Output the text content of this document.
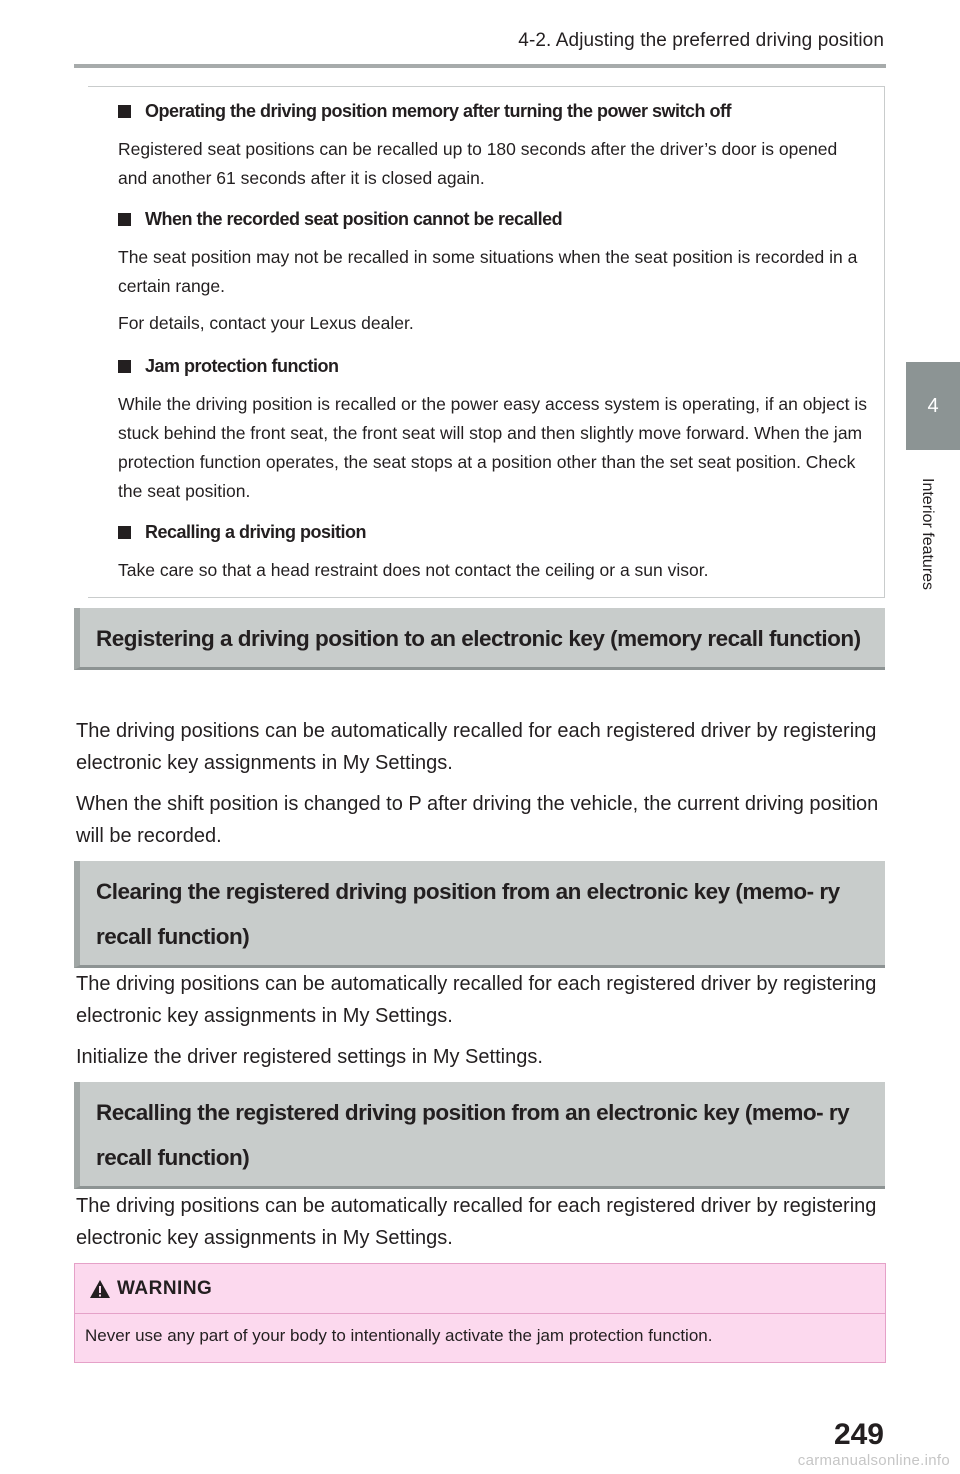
4-2. Adjusting the preferred driving position
4
Interior features
Operating the driving position memory after turning the power switch off

Registered seat positions can be recalled up to 180 seconds after the driver’s door is opened and another 61 seconds after it is closed again.

When the recorded seat position cannot be recalled

The seat position may not be recalled in some situations when the seat position is recorded in a certain range.

For details, contact your Lexus dealer.

Jam protection function

While the driving position is recalled or the power easy access system is operating, if an object is stuck behind the front seat, the front seat will stop and then slightly move forward. When the jam protection function operates, the seat stops at a position other than the set seat position. Check the seat position.

Recalling a driving position

Take care so that a head restraint does not contact the ceiling or a sun visor.

Registering a driving position to an electronic key (memory recall function)

The driving positions can be automatically recalled for each registered driver by registering electronic key assignments in My Settings.

When the shift position is changed to P after driving the vehicle, the current driving position will be recorded.

Clearing the registered driving position from an electronic key (memo- ry recall function)

The driving positions can be automatically recalled for each registered driver by registering electronic key assignments in My Settings.

Initialize the driver registered settings in My Settings.

Recalling the registered driving position from an electronic key (memo- ry recall function)

The driving positions can be automatically recalled for each registered driver by registering electronic key assignments in My Settings.

WARNING
Never use any part of your body to intentionally activate the jam protection function.
249
carmanualsonline.info
